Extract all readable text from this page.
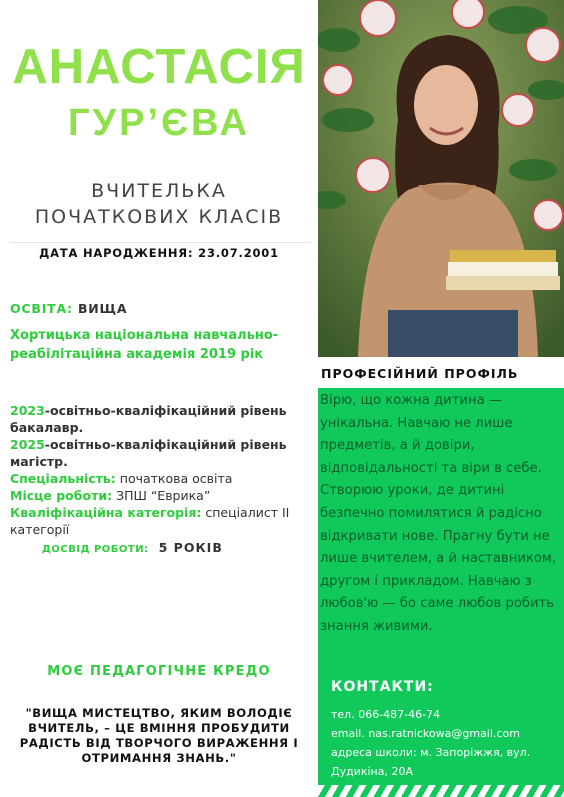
АНАСТАСІЯ
ГУР’ЄВА
ВЧИТЕЛЬКА
ПОЧАТКОВИХ КЛАСІВ
ДАТА НАРОДЖЕННЯ: 23.07.2001
ОСВІТА: ВИЩА
Хортицька національна навчально-реабілітаційна академія 2019 рік
2023-освітньо-кваліфікаційний рівень бакалавр.
2025-освітньо-кваліфікаційний рівень магістр.
Спеціальність: початкова освіта
Місце роботи: ЗПШ “Еврика”
Кваліфікаційна категорія: спеціалист ІІ категорії
ДОСВІД РОБОТИ: 5 РОКІВ
МОЄ ПЕДАГОГІЧНЕ КРЕДО
"ВИЩА МИСТЕЦТВО, ЯКИМ ВОЛОДІЄ ВЧИТЕЛЬ, – ЦЕ ВМІННЯ ПРОБУДИТИ РАДІСТЬ ВІД ТВОРЧОГО ВИРАЖЕННЯ І ОТРИМАННЯ ЗНАНЬ."
ПРОФЕСІЙНИЙ ПРОФІЛЬ
Вірю, що кожна дитина — унікальна. Навчаю не лише предметів, а й довіри, відповідальності та віри в себе. Створюю уроки, де дитині безпечно помилятися й радісно відкривати нове. Прагну бути не лише вчителем, а й наставником, другом і прикладом. Навчаю з любов'ю — бо саме любов робить знання живими.
КОНТАКТИ:
тел. 066-487-46-74
email. nas.ratnickowa@gmail.com
адреса школи: м. Запоріжжя, вул. Дудикіна, 20А
